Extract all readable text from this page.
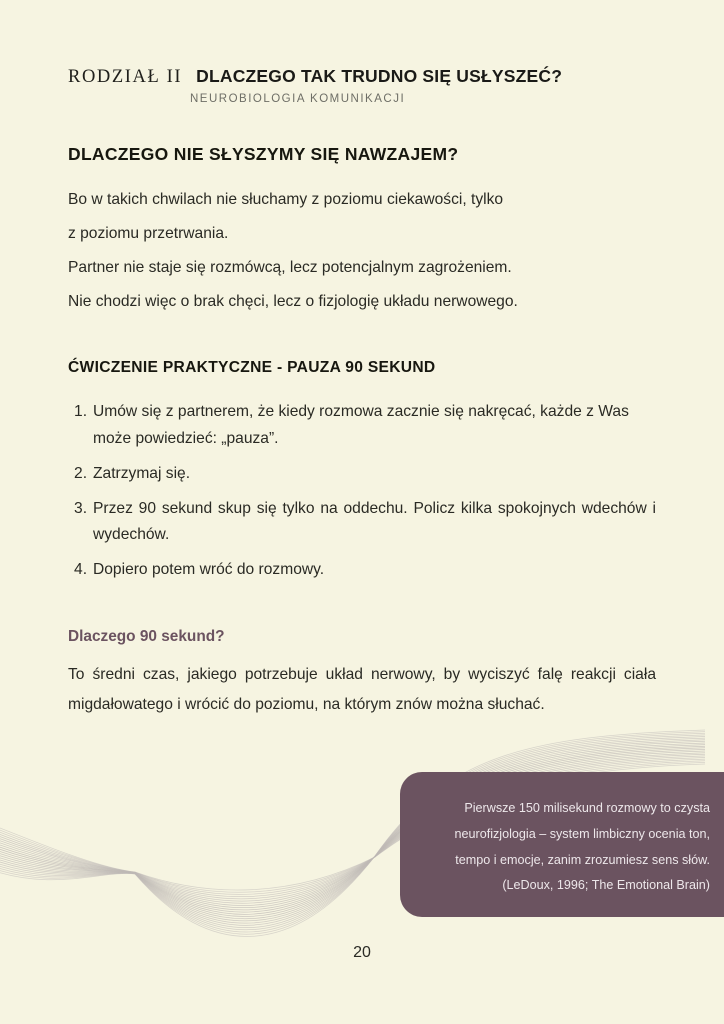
RODZIAŁ II DLACZEGO TAK TRUDNO SIĘ USŁYSZEĆ?
NEUROBIOLOGIA KOMUNIKACJI
DLACZEGO NIE SŁYSZYMY SIĘ NAWZAJEM?

Bo w takich chwilach nie słuchamy z poziomu ciekawości, tylko

z poziomu przetrwania.

Partner nie staje się rozmówcą, lecz potencjalnym zagrożeniem.

Nie chodzi więc o brak chęci, lecz o fizjologię układu nerwowego.

ĆWICZENIE PRAKTYCZNE - PAUZA 90 SEKUND
Umów się z partnerem, że kiedy rozmowa zacznie się nakręcać, każde z Was może powiedzieć: „pauza”.
Zatrzymaj się.
Przez 90 sekund skup się tylko na oddechu. Policz kilka spokojnych wdechów i wydechów.
Dopiero potem wróć do rozmowy.
Dlaczego 90 sekund?

To średni czas, jakiego potrzebuje układ nerwowy, by wyciszyć falę reakcji ciała migdałowatego i wrócić do poziomu, na którym znów można słuchać.

Pierwsze 150 milisekund rozmowy to czysta neurofizjologia – system limbiczny ocenia ton, tempo i emocje, zanim zrozumiesz sens słów.

(LeDoux, 1996; The Emotional Brain)

20
